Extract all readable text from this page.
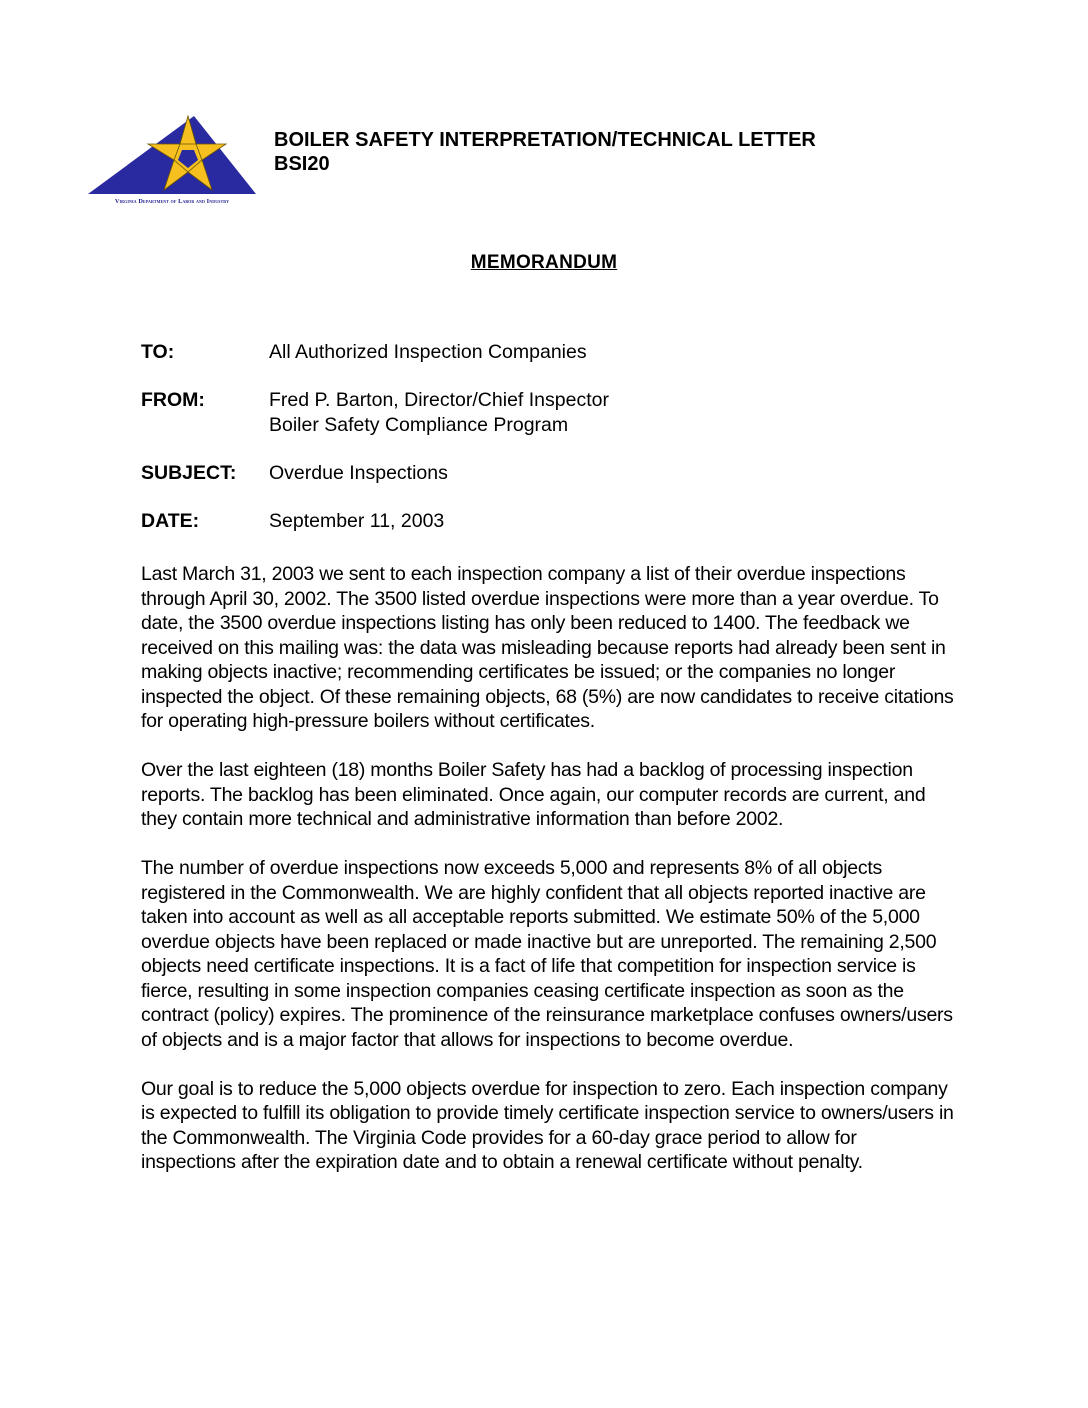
Virginia Department of Labor and Industry
BOILER SAFETY INTERPRETATION/TECHNICAL LETTER
BSI20
MEMORANDUM
TO:	All Authorized Inspection Companies
FROM:	Fred P. Barton, Director/Chief Inspector
Boiler Safety Compliance Program
SUBJECT:	Overdue Inspections
DATE:	September 11, 2003

Last March 31, 2003 we sent to each inspection company a list of their overdue inspections through April 30, 2002. The 3500 listed overdue inspections were more than a year overdue. To date, the 3500 overdue inspections listing has only been reduced to 1400. The feedback we received on this mailing was: the data was misleading because reports had already been sent in making objects inactive; recommending certificates be issued; or the companies no longer inspected the object. Of these remaining objects, 68 (5%) are now candidates to receive citations for operating high-pressure boilers without certificates.

Over the last eighteen (18) months Boiler Safety has had a backlog of processing inspection reports. The backlog has been eliminated. Once again, our computer records are current, and they contain more technical and administrative information than before 2002.

The number of overdue inspections now exceeds 5,000 and represents 8% of all objects registered in the Commonwealth. We are highly confident that all objects reported inactive are taken into account as well as all acceptable reports submitted. We estimate 50% of the 5,000 overdue objects have been replaced or made inactive but are unreported. The remaining 2,500 objects need certificate inspections. It is a fact of life that competition for inspection service is fierce, resulting in some inspection companies ceasing certificate inspection as soon as the contract (policy) expires. The prominence of the reinsurance marketplace confuses owners/users of objects and is a major factor that allows for inspections to become overdue.

Our goal is to reduce the 5,000 objects overdue for inspection to zero. Each inspection company is expected to fulfill its obligation to provide timely certificate inspection service to owners/users in the Commonwealth. The Virginia Code provides for a 60-day grace period to allow for inspections after the expiration date and to obtain a renewal certificate without penalty.
